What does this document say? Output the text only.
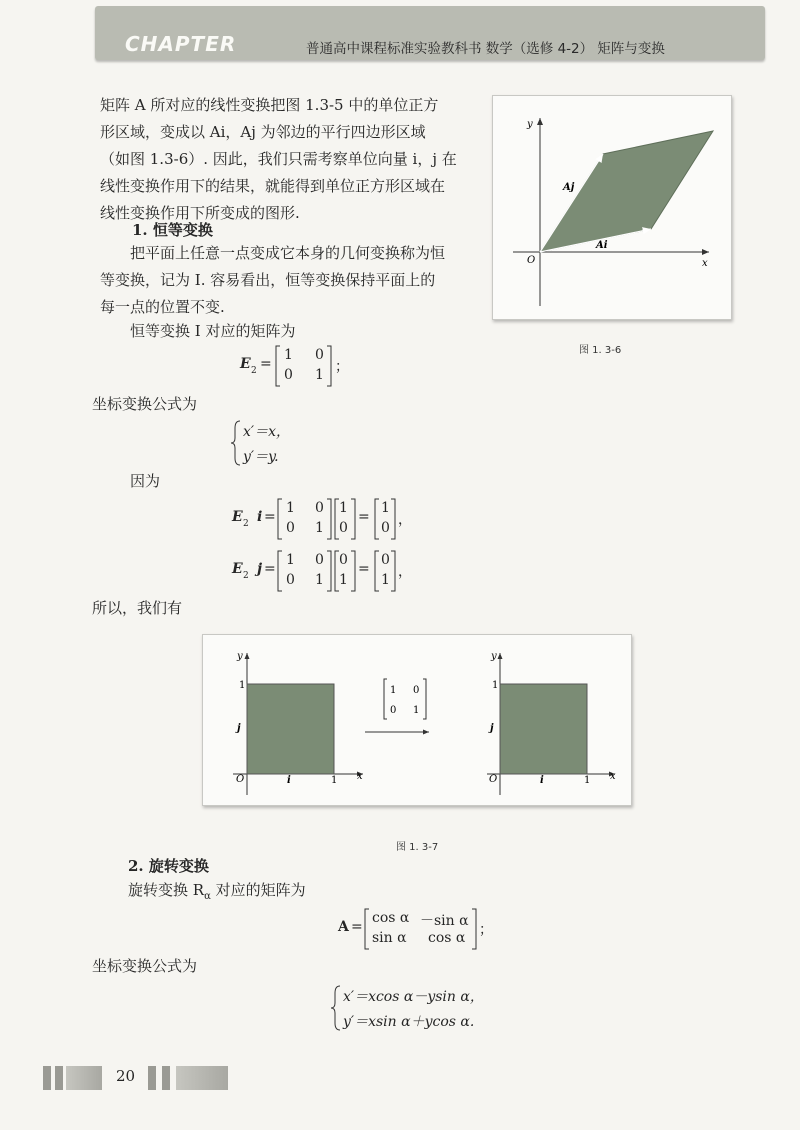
CHAPTER	普通高中课程标准实验教科书 数学（选修 4-2） 矩阵与变换
矩阵 A 所对应的线性变换把图 1.3-5 中的单位正方
形区域，变成以 Ai，Aj 为邻边的平行四边形区域
（如图 1.3-6）. 因此，我们只需考察单位向量 i，j 在
线性变换作用下的结果，就能得到单位正方形区域在
线性变换作用下所变成的图形.
y
x
O
Aj
Ai
图 1. 3-6
1. 恒等变换
把平面上任意一点变成它本身的几何变换称为恒
等变换，记为 I. 容易看出，恒等变换保持平面上的
每一点的位置不变.
恒等变换 I 对应的矩阵为
E 2 =
1 0
0 1 ；
坐标变换公式为
x′＝x，
y′＝y.
因为
E 2 i =
1 0
0 1
1
0
=
1
0 ，
E 2 j =
1 0
0 1
0
1
=
0
1 ，
所以，我们有
y
x
O
1
1
j
i
1 0
0 1
y
x
O
1
1
j
i
图 1. 3-7
2. 旋转变换
旋转变换 $R_\alpha$ 对应的矩阵为
A =
cos α －sin α
sin α cos α ；
坐标变换公式为
x′＝xcos α－ysin α，
y′＝xsin α＋ycos α.
20
